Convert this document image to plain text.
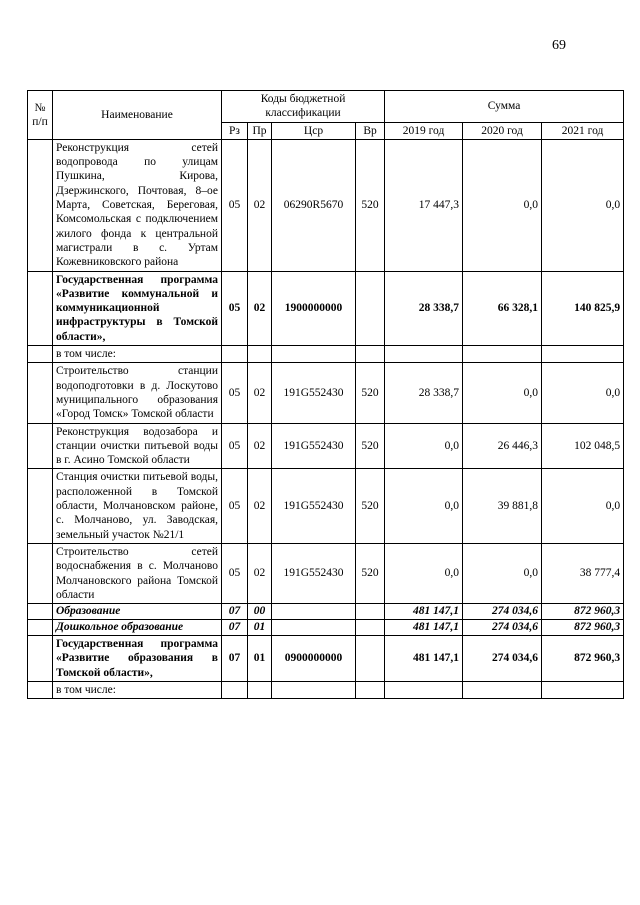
69
№ п/п	Наименование	Коды бюджетной классификации				Сумма		
		Рз	Пр	Цср	Вр	2019 год	2020 год	2021 год
	Реконструкция сетей водопровода по улицам Пушкина, Кирова, Дзержинского, Почтовая, 8–ое Марта, Советская, Береговая, Комсомольская с подключением жилого фонда к центральной магистрали в с. Уртам Кожевниковского района	05	02	06290R5670	520	17 447,3	0,0	0,0
	Государственная программа «Развитие коммунальной и коммуникационной инфраструктуры в Томской области»,	05	02	1900000000		28 338,7	66 328,1	140 825,9
	в том числе:							
	Строительство станции водоподготовки в д. Лоскутово муниципального образования «Город Томск» Томской области	05	02	191G552430	520	28 338,7	0,0	0,0
	Реконструкция водозабора и станции очистки питьевой воды в г. Асино Томской области	05	02	191G552430	520	0,0	26 446,3	102 048,5
	Станция очистки питьевой воды, расположенной в Томской области, Молчановском районе, с. Молчаново, ул. Заводская, земельный участок №21/1	05	02	191G552430	520	0,0	39 881,8	0,0
	Строительство сетей водоснабжения в с. Молчаново Молчановского района Томской области	05	02	191G552430	520	0,0	0,0	38 777,4
	Образование	07	00			481 147,1	274 034,6	872 960,3
	Дошкольное образование	07	01			481 147,1	274 034,6	872 960,3
	Государственная программа «Развитие образования в Томской области»,	07	01	0900000000		481 147,1	274 034,6	872 960,3
	в том числе:							
